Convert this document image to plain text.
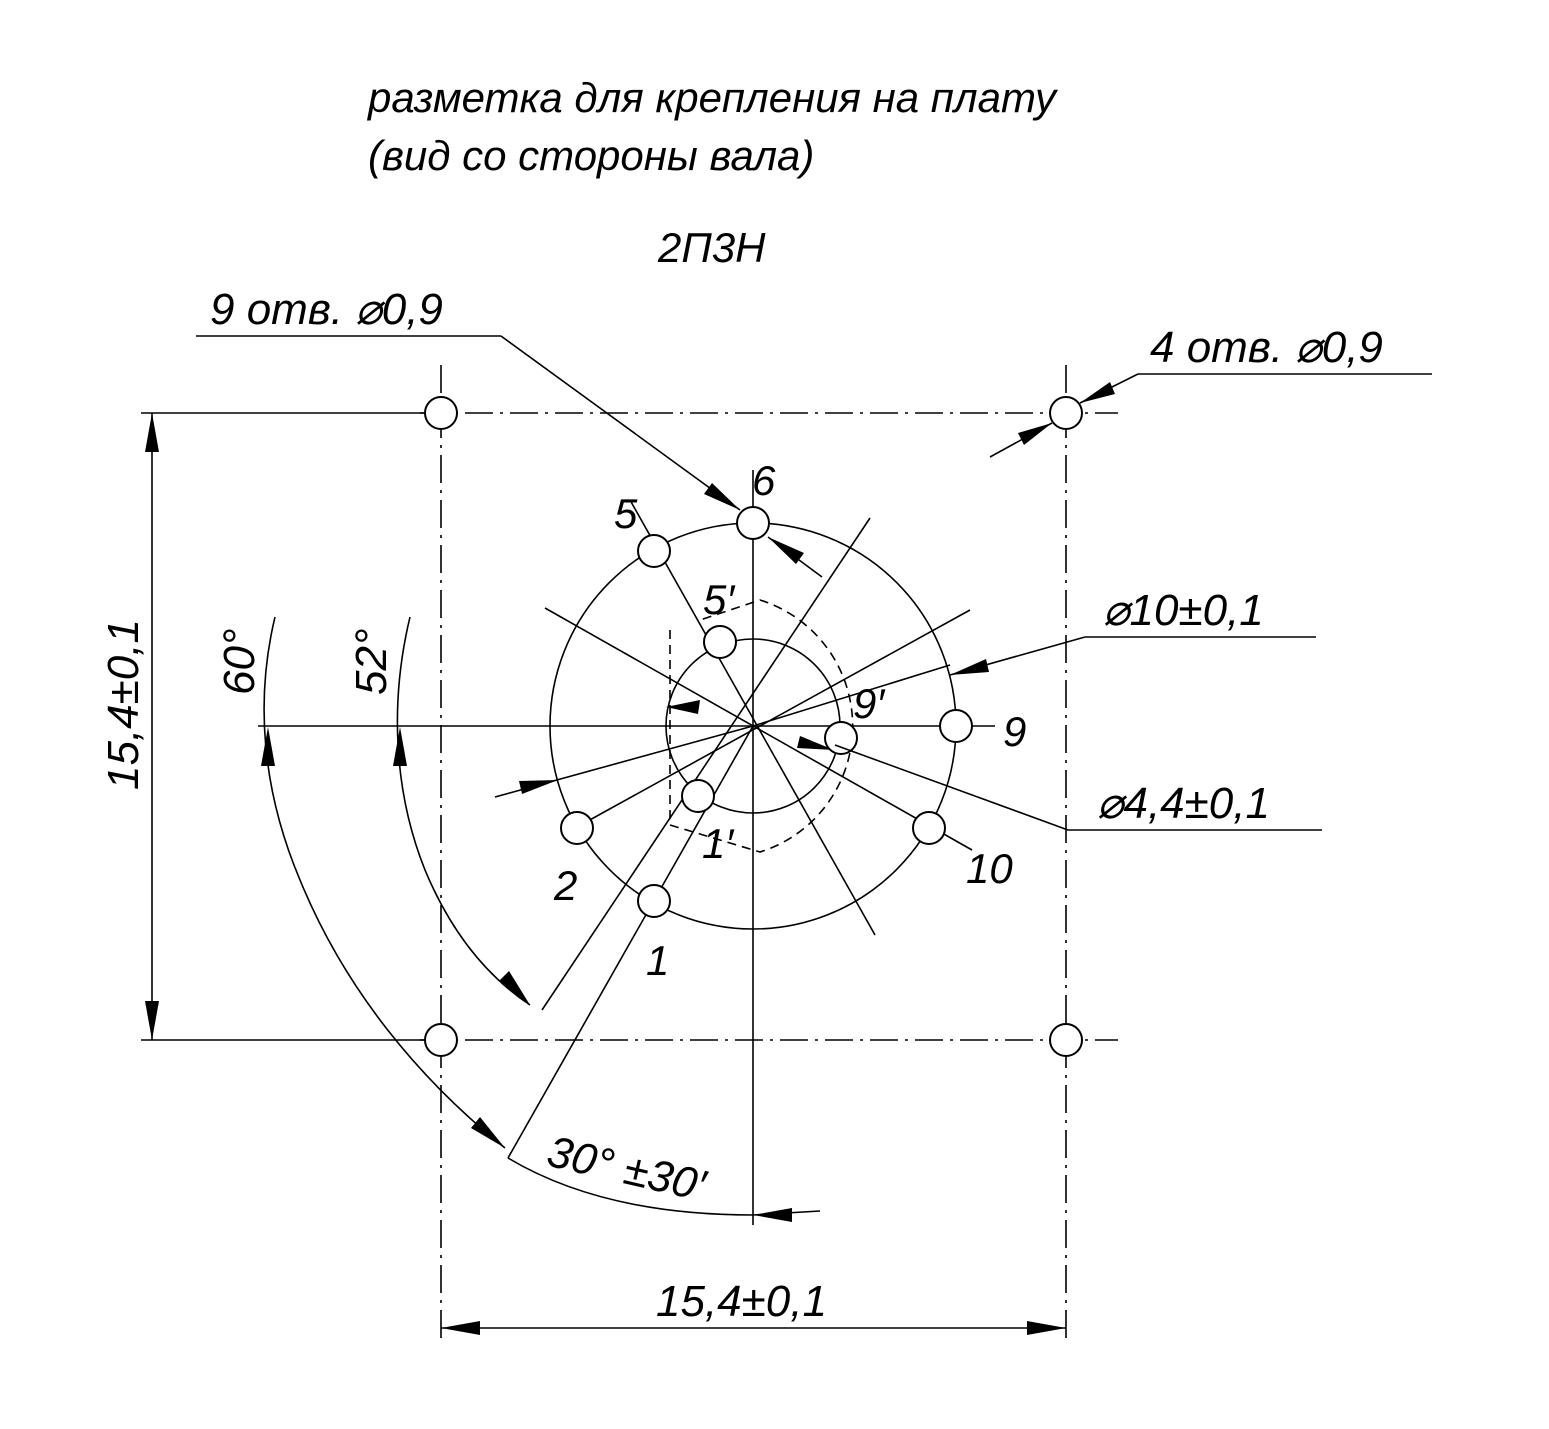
разметка для крепления на плату
(вид со стороны вала)
2П3Н
15,4±0,1
15,4±0,1
1
2
5
6
9
10
1′
5′
9′
9 отв. ⌀0,9
4 отв. ⌀0,9
⌀10±0,1
⌀4,4±0,1
60° 52°
30° ±30′
